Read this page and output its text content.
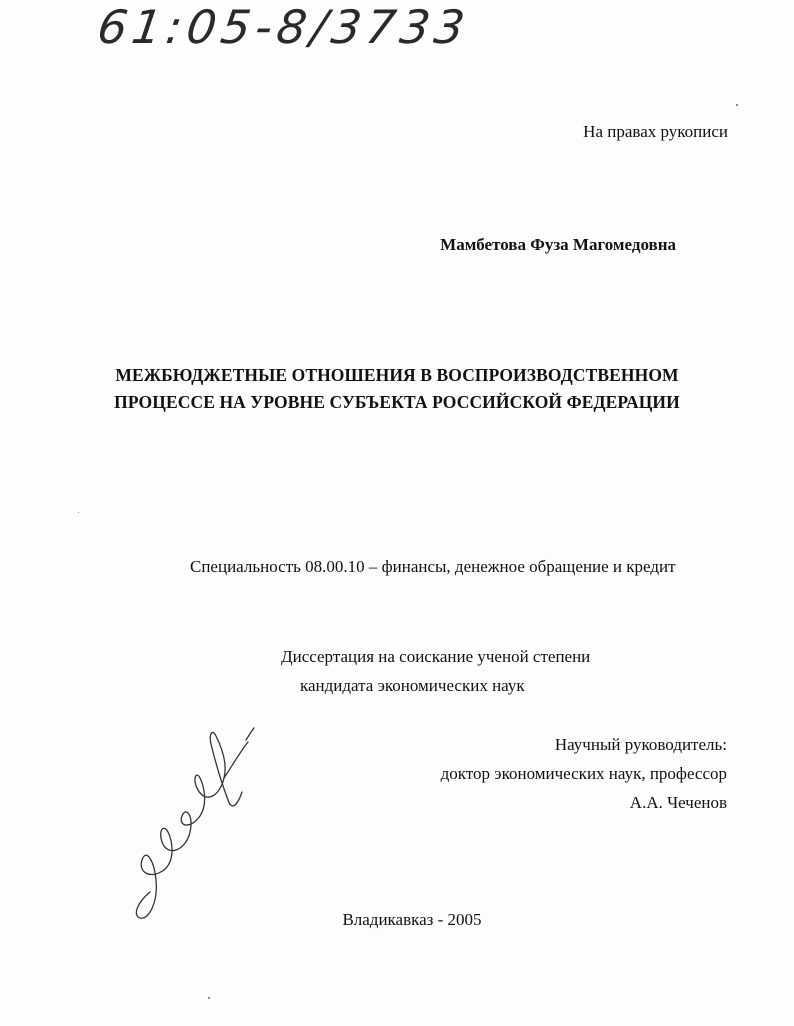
61:05-8/3733
На правах рукописи
Мамбетова Фуза Магомедовна
МЕЖБЮДЖЕТНЫЕ ОТНОШЕНИЯ В ВОСПРОИЗВОДСТВЕННОМ
ПРОЦЕССЕ НА УРОВНЕ СУБЪЕКТА РОССИЙСКОЙ ФЕДЕРАЦИИ
Специальность 08.00.10 – финансы, денежное обращение и кредит
Диссертация на соискание ученой степени
кандидата экономических наук
Научный руководитель:
доктор экономических наук, профессор
А.А. Чеченов
Владикавказ - 2005
